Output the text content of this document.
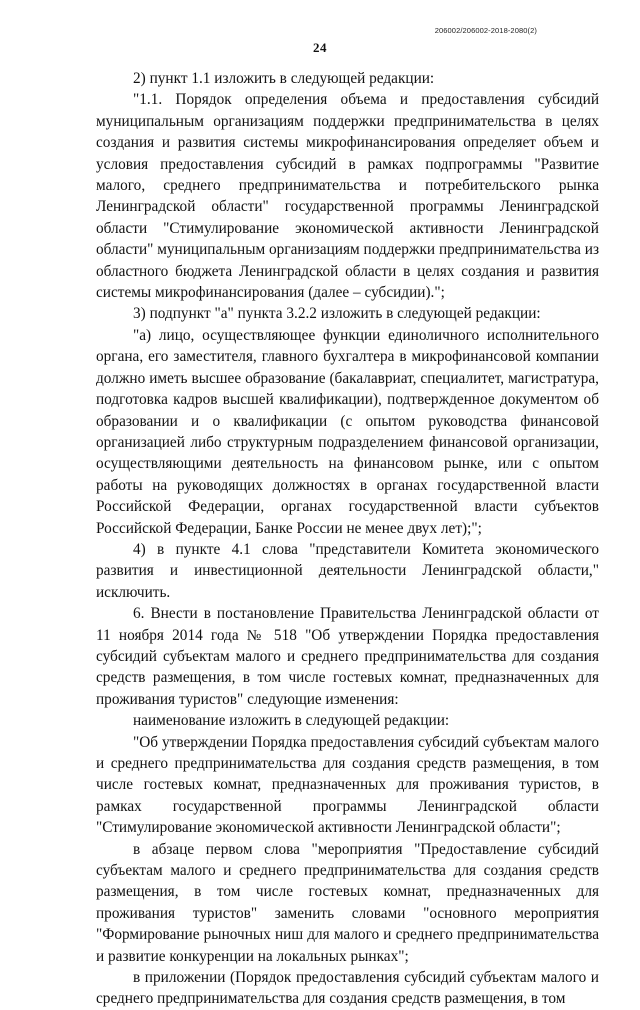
206002/206002-2018-2080(2)
24

2) пункт 1.1 изложить в следующей редакции:

"1.1. Порядок определения объема и предоставления субсидий муниципальным организациям поддержки предпринимательства в целях создания и развития системы микрофинансирования определяет объем и условия предоставления субсидий в рамках подпрограммы "Развитие малого, среднего предпринимательства и потребительского рынка Ленинградской области" государственной программы Ленинградской области "Стимулирование экономической активности Ленинградской области" муниципальным организациям поддержки предпринимательства из областного бюджета Ленинградской области в целях создания и развития системы микрофинансирования (далее – субсидии).";

3) подпункт "а" пункта 3.2.2 изложить в следующей редакции:

"а) лицо, осуществляющее функции единоличного исполнительного органа, его заместителя, главного бухгалтера в микрофинансовой компании должно иметь высшее образование (бакалавриат, специалитет, магистратура, подготовка кадров высшей квалификации), подтвержденное документом об образовании и о квалификации (с опытом руководства финансовой организацией либо структурным подразделением финансовой организации, осуществляющими деятельность на финансовом рынке, или с опытом работы на руководящих должностях в органах государственной власти Российской Федерации, органах государственной власти субъектов Российской Федерации, Банке России не менее двух лет);";

4) в пункте 4.1 слова "представители Комитета экономического развития и инвестиционной деятельности Ленинградской области," исключить.

6. Внести в постановление Правительства Ленинградской области от 11 ноября 2014 года № 518 "Об утверждении Порядка предоставления субсидий субъектам малого и среднего предпринимательства для создания средств размещения, в том числе гостевых комнат, предназначенных для проживания туристов" следующие изменения:

наименование изложить в следующей редакции:

"Об утверждении Порядка предоставления субсидий субъектам малого и среднего предпринимательства для создания средств размещения, в том числе гостевых комнат, предназначенных для проживания туристов, в рамках государственной программы Ленинградской области "Стимулирование экономической активности Ленинградской области";

в абзаце первом слова "мероприятия "Предоставление субсидий субъектам малого и среднего предпринимательства для создания средств размещения, в том числе гостевых комнат, предназначенных для проживания туристов" заменить словами "основного мероприятия "Формирование рыночных ниш для малого и среднего предпринимательства и развитие конкуренции на локальных рынках";

в приложении (Порядок предоставления субсидий субъектам малого и среднего предпринимательства для создания средств размещения, в том
